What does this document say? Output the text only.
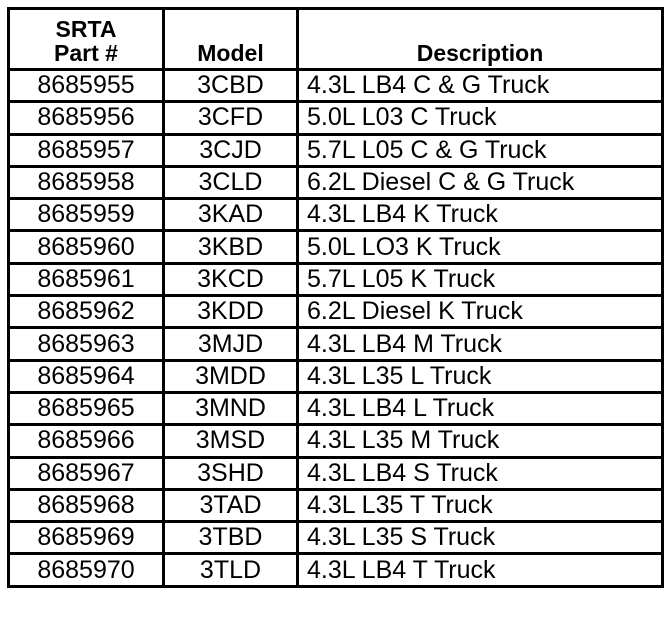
SRTA
Part #	Model	Description
8685955	3CBD	4.3L LB4 C & G Truck
8685956	3CFD	5.0L L03 C Truck
8685957	3CJD	5.7L L05 C & G Truck
8685958	3CLD	6.2L Diesel C & G Truck
8685959	3KAD	4.3L LB4 K Truck
8685960	3KBD	5.0L LO3 K Truck
8685961	3KCD	5.7L L05 K Truck
8685962	3KDD	6.2L Diesel K Truck
8685963	3MJD	4.3L LB4 M Truck
8685964	3MDD	4.3L L35 L Truck
8685965	3MND	4.3L LB4 L Truck
8685966	3MSD	4.3L L35 M Truck
8685967	3SHD	4.3L LB4 S Truck
8685968	3TAD	4.3L L35 T Truck
8685969	3TBD	4.3L L35 S Truck
8685970	3TLD	4.3L LB4 T Truck
